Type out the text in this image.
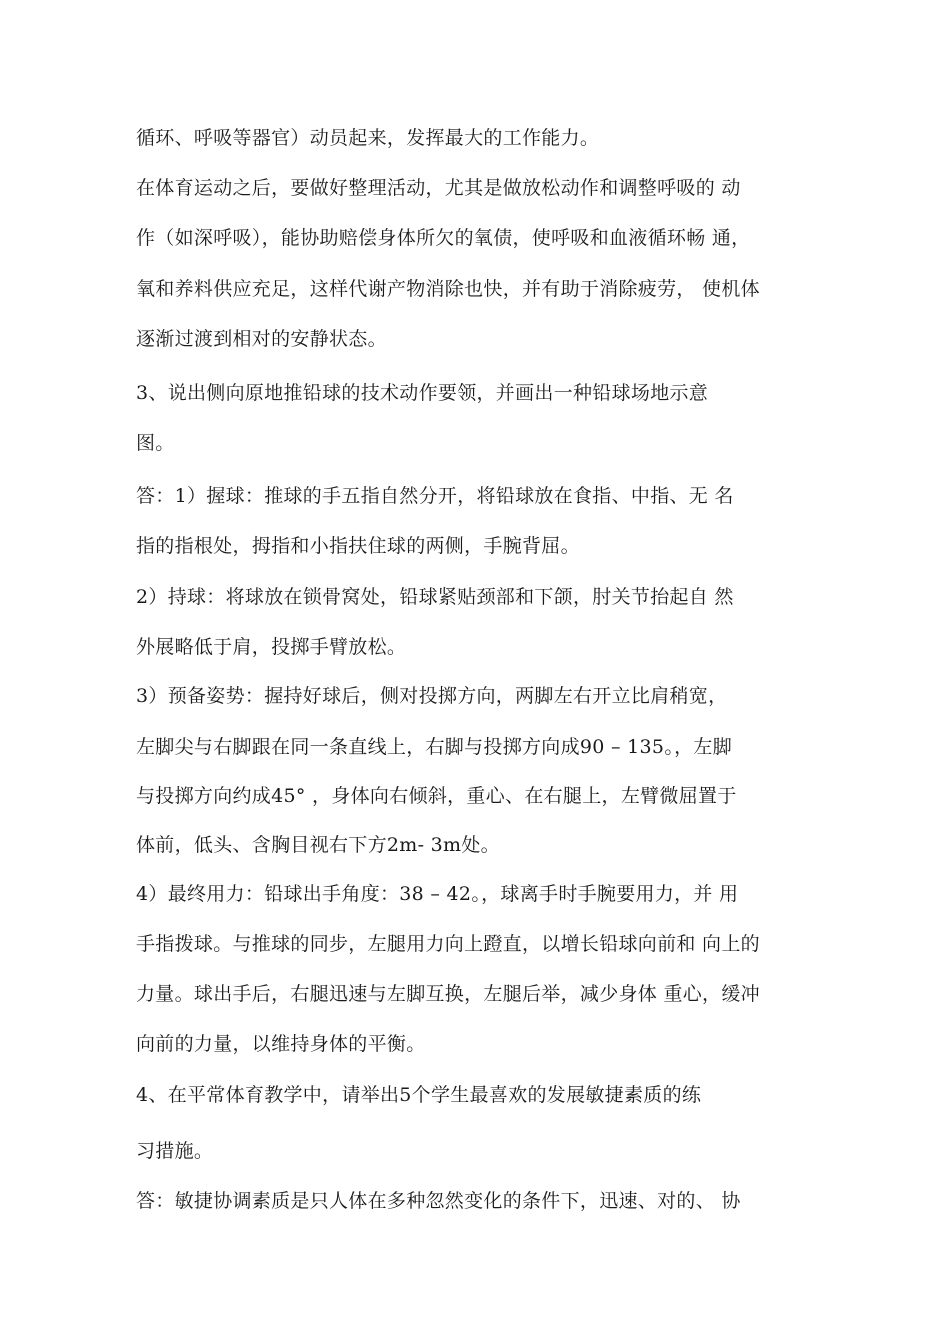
循环、呼吸等器官）动员起来，发挥最大的工作能力。
在体育运动之后，要做好整理活动，尤其是做放松动作和调整呼吸的 动
作（如深呼吸），能协助赔偿身体所欠的氧债，使呼吸和血液循环畅 通，
氧和养料供应充足，这样代谢产物消除也快，并有助于消除疲劳， 使机体
逐渐过渡到相对的安静状态。
3、说出侧向原地推铅球的技术动作要领，并画出一种铅球场地示意
图。
答：1）握球：推球的手五指自然分开，将铅球放在食指、中指、无 名
指的指根处，拇指和小指扶住球的两侧，手腕背屈。
2）持球：将球放在锁骨窝处，铅球紧贴颈部和下颌，肘关节抬起自 然
外展略低于肩，投掷手臂放松。
3）预备姿势：握持好球后，侧对投掷方向，两脚左右开立比肩稍宽，
左脚尖与右脚跟在同一条直线上，右脚与投掷方向成90 – 135。，左脚
与投掷方向约成45° ，身体向右倾斜，重心、在右腿上，左臂微屈置于
体前，低头、含胸目视右下方2m- 3m处。
4）最终用力：铅球出手角度：38 – 42。，球离手时手腕要用力，并 用
手指拨球。与推球的同步，左腿用力向上蹬直，以增长铅球向前和 向上的
力量。球出手后，右腿迅速与左脚互换，左腿后举，减少身体 重心，缓冲
向前的力量，以维持身体的平衡。
4、在平常体育教学中，请举出5个学生最喜欢的发展敏捷素质的练
习措施。
答：敏捷协调素质是只人体在多种忽然变化的条件下，迅速、对的、 协
